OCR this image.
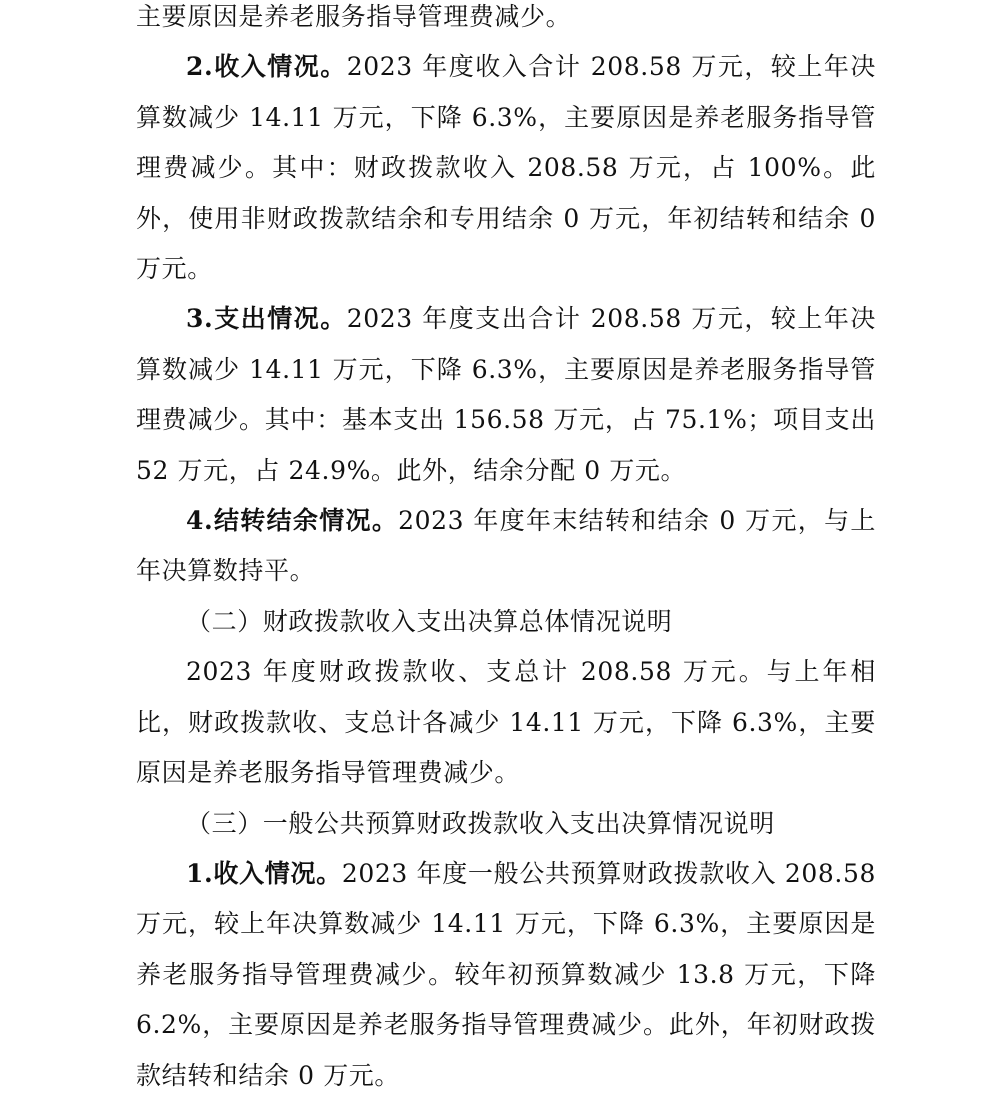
主要原因是养老服务指导管理费减少。

2.收入情况。2023 年度收入合计 208.58 万元，较上年决算数减少 14.11 万元，下降 6.3%，主要原因是养老服务指导管理费减少。其中：财政拨款收入 208.58 万元，占 100%。此外，使用非财政拨款结余和专用结余 0 万元，年初结转和结余 0 万元。

3.支出情况。2023 年度支出合计 208.58 万元，较上年决算数减少 14.11 万元，下降 6.3%，主要原因是养老服务指导管理费减少。其中：基本支出 156.58 万元，占 75.1%；项目支出 52 万元，占 24.9%。此外，结余分配 0 万元。

4.结转结余情况。2023 年度年末结转和结余 0 万元，与上年决算数持平。

（二）财政拨款收入支出决算总体情况说明

2023 年度财政拨款收、支总计 208.58 万元。与上年相比，财政拨款收、支总计各减少 14.11 万元，下降 6.3%，主要原因是养老服务指导管理费减少。

（三）一般公共预算财政拨款收入支出决算情况说明

1.收入情况。2023 年度一般公共预算财政拨款收入 208.58 万元，较上年决算数减少 14.11 万元，下降 6.3%，主要原因是养老服务指导管理费减少。较年初预算数减少 13.8 万元，下降 6.2%，主要原因是养老服务指导管理费减少。此外，年初财政拨款结转和结余 0 万元。
